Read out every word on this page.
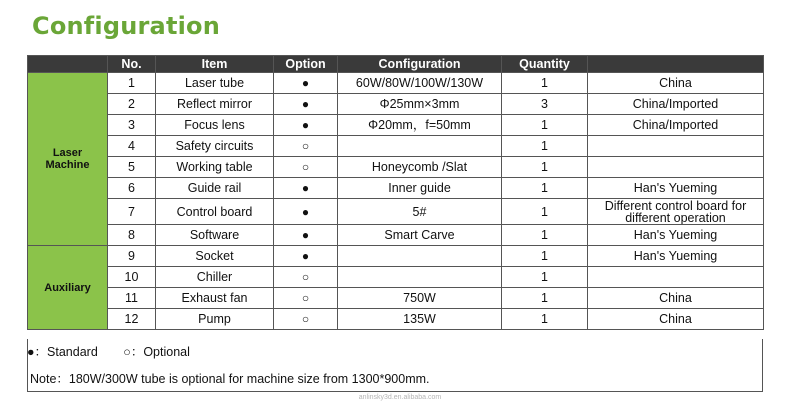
Configuration
	No.	Item	Option	Configuration	Quantity	
Laser Machine	1	Laser tube	●	60W/80W/100W/130W	1	China
	2	Reflect mirror	●	Φ25mm×3mm	3	China/Imported
	3	Focus lens	●	Φ20mm，f=50mm	1	China/Imported
	4	Safety circuits	○		1	
	5	Working table	○	Honeycomb /Slat	1	
	6	Guide rail	●	Inner guide	1	Han's Yueming
	7	Control board	●	5#	1	Different control board for different operation
	8	Software	●	Smart Carve	1	Han's Yueming
Auxiliary	9	Socket	●		1	Han's Yueming
	10	Chiller	○		1	
	11	Exhaust fan	○	750W	1	China
	12	Pump	○	135W	1	China
●：Standard ○：Optional
Note：180W/300W tube is optional for machine size from 1300*900mm.
anlinsky3d.en.alibaba.com
